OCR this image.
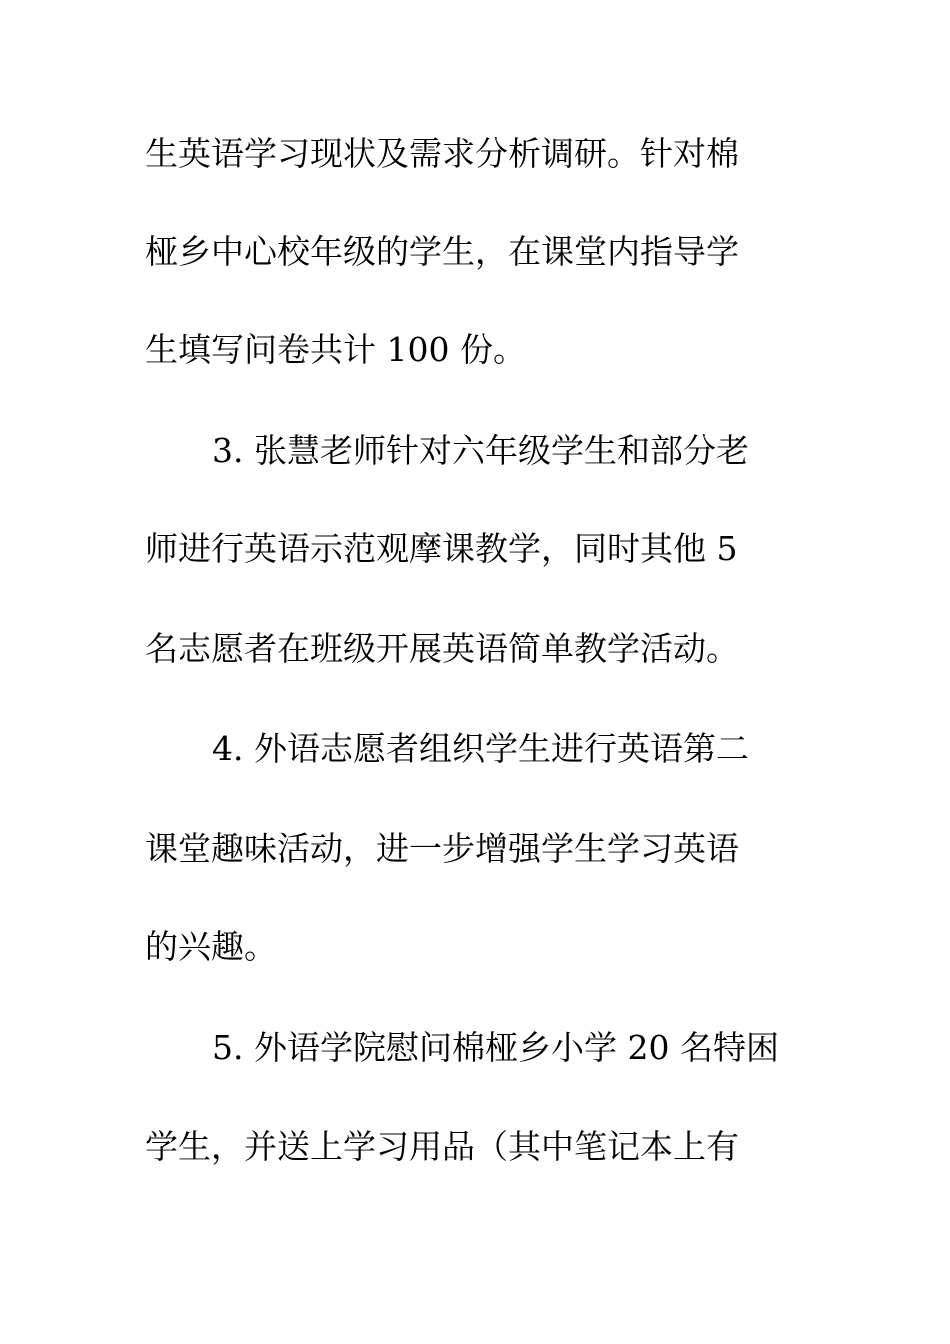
生英语学习现状及需求分析调研。针对棉
桠乡中心校年级的学生，在课堂内指导学
生填写问卷共计 100 份。
3. 张慧老师针对六年级学生和部分老
师进行英语示范观摩课教学，同时其他 5
名志愿者在班级开展英语简单教学活动。
4. 外语志愿者组织学生进行英语第二
课堂趣味活动，进一步增强学生学习英语
的兴趣。
5. 外语学院慰问棉桠乡小学 20 名特困
学生，并送上学习用品（其中笔记本上有
